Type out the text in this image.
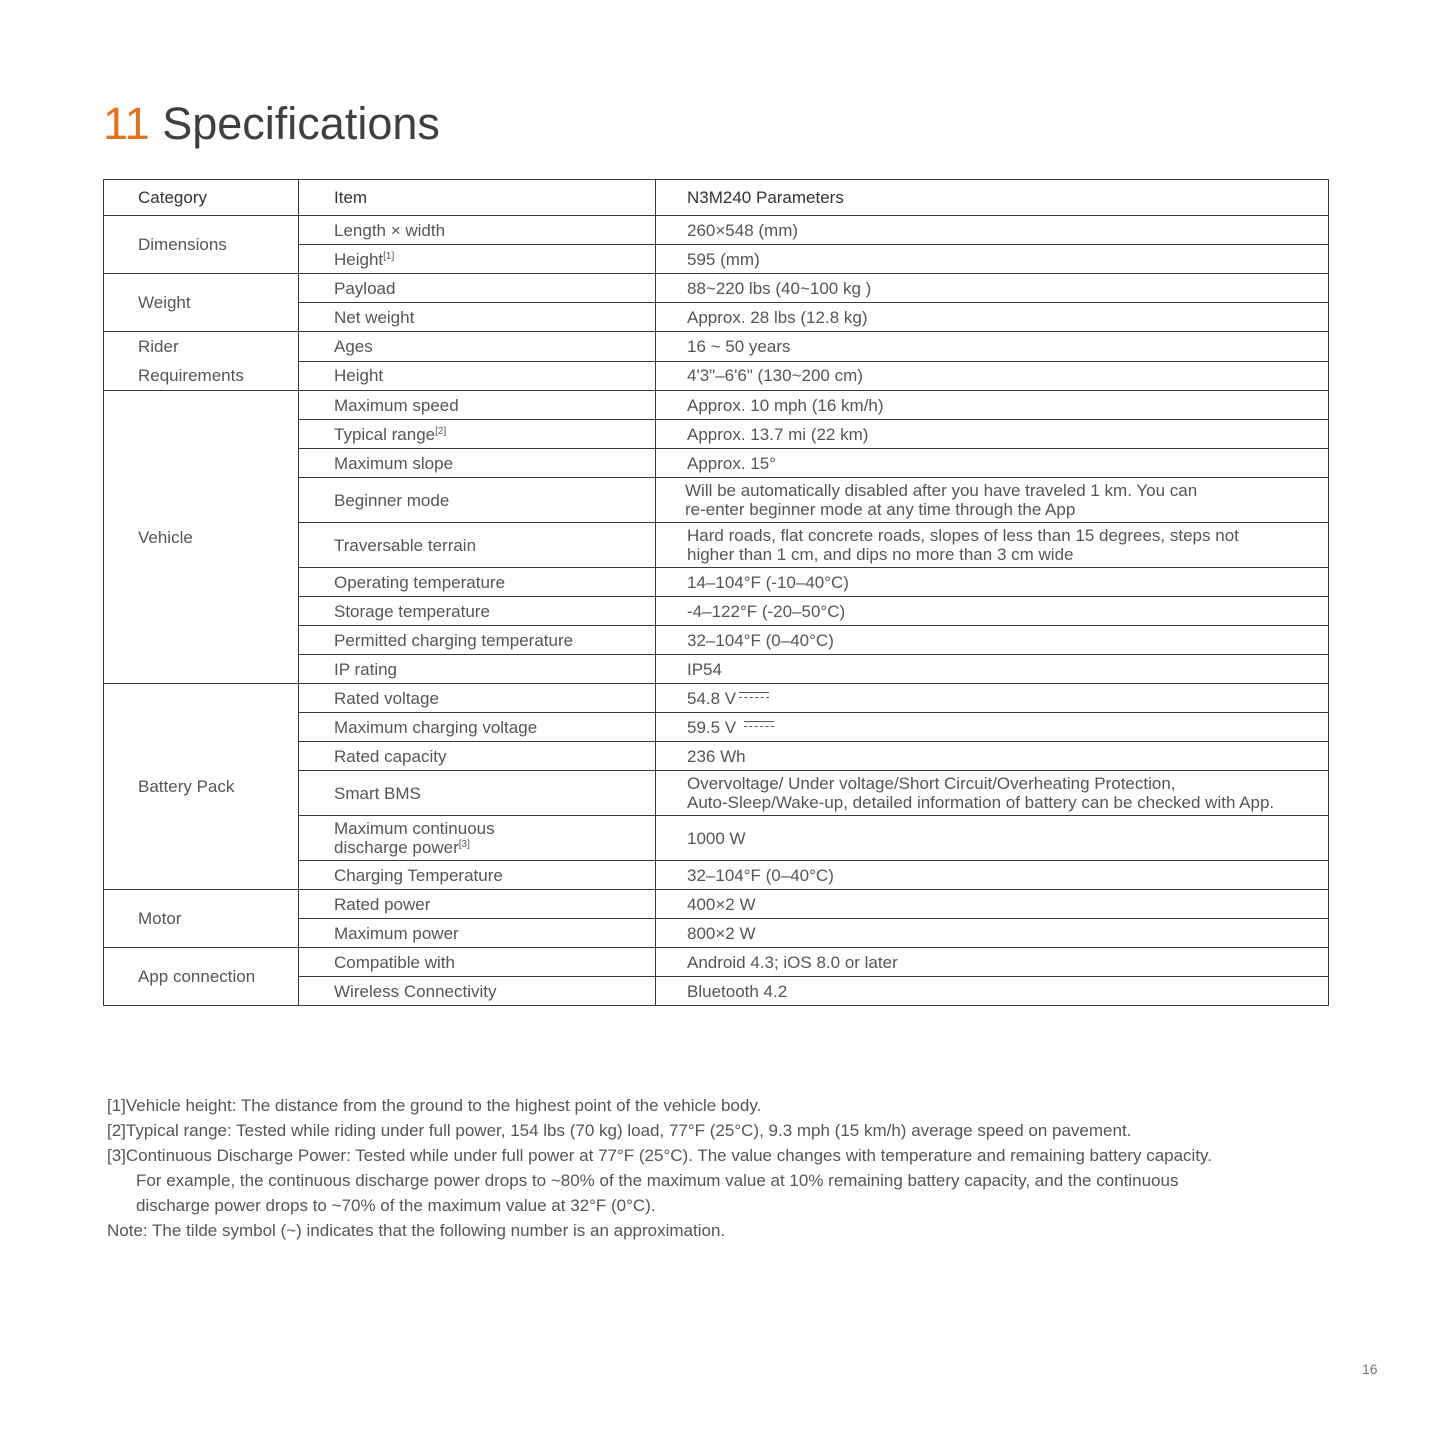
11 Specifications
Category	Item	N3M240 Parameters
Dimensions	Length × width	260×548 (mm)
	Height[1]	595 (mm)
Weight	Payload	88~220 lbs (40~100 kg )
	Net weight	Approx. 28 lbs (12.8 kg)

Rider
Requirements	Ages	16 ~ 50 years
	Height	4'3"–6'6" (130~200 cm)
Vehicle	Maximum speed	Approx. 10 mph (16 km/h)
	Typical range[2]	Approx. 13.7 mi (22 km)
	Maximum slope	Approx. 15°
	Beginner mode	Will be automatically disabled after you have traveled 1 km. You can
re-enter beginner mode at any time through the App
	Traversable terrain	Hard roads, flat concrete roads, slopes of less than 15 degrees, steps not
higher than 1 cm, and dips no more than 3 cm wide
	Operating temperature	14–104°F (-10–40°C)
	Storage temperature	-4–122°F (-20–50°C)
	Permitted charging temperature	32–104°F (0–40°C)
	IP rating	IP54
Battery Pack	Rated voltage	54.8 V
	Maximum charging voltage	59.5 V
	Rated capacity	236 Wh
	Smart BMS	Overvoltage/ Under voltage/Short Circuit/Overheating Protection,
Auto-Sleep/Wake-up, detailed information of battery can be checked with App.
	Maximum continuous
discharge power[3]	1000 W
	Charging Temperature	32–104°F (0–40°C)
Motor	Rated power	400×2 W
	Maximum power	800×2 W
App connection	Compatible with	Android 4.3; iOS 8.0 or later
	Wireless Connectivity	Bluetooth 4.2

[1]Vehicle height: The distance from the ground to the highest point of the vehicle body.

[2]Typical range: Tested while riding under full power, 154 lbs (70 kg) load, 77°F (25°C), 9.3 mph (15 km/h) average speed on pavement.

[3]Continuous Discharge Power: Tested while under full power at 77°F (25°C). The value changes with temperature and remaining battery capacity.

For example, the continuous discharge power drops to ~80% of the maximum value at 10% remaining battery capacity, and the continuous

discharge power drops to ~70% of the maximum value at 32°F (0°C).

Note: The tilde symbol (~) indicates that the following number is an approximation.

16
